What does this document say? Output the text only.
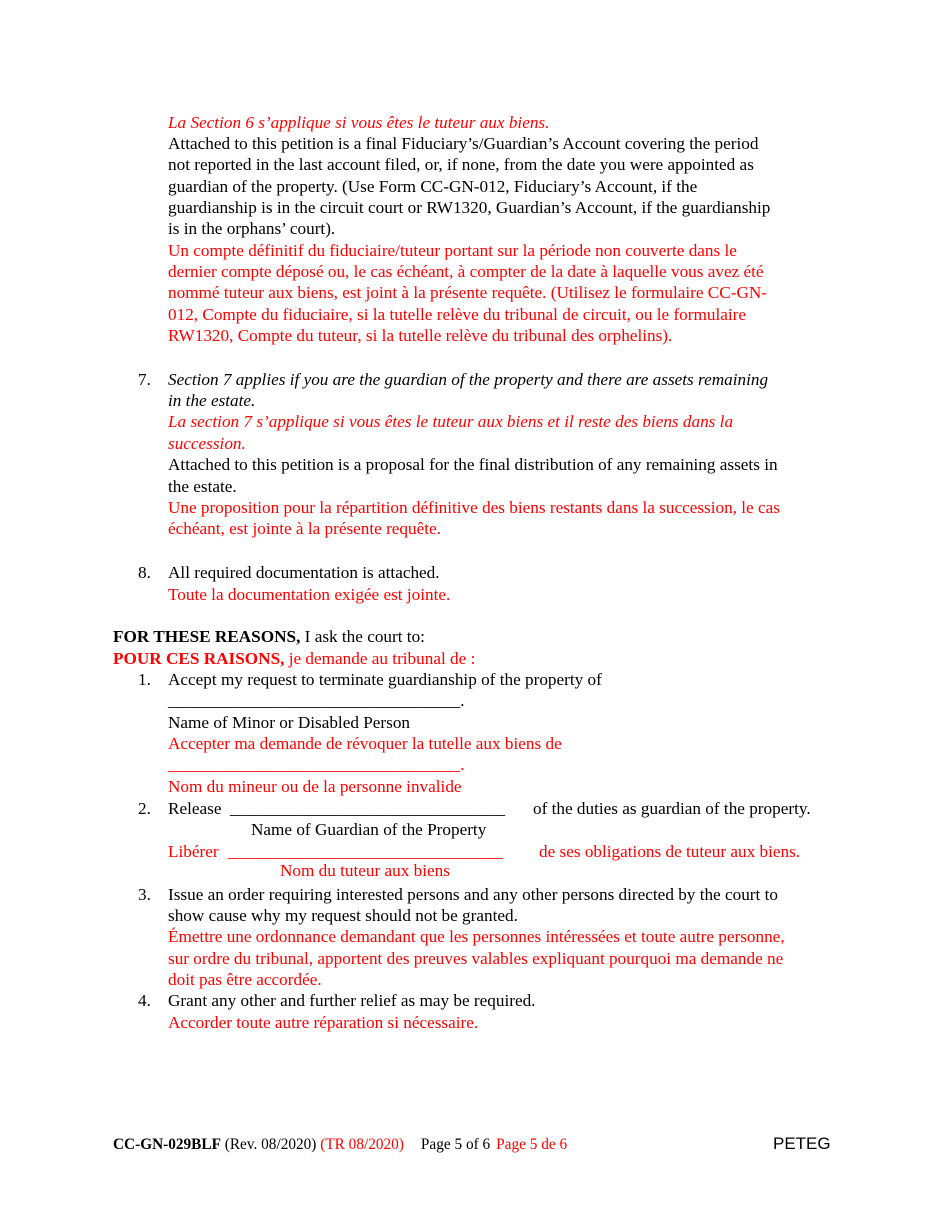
La Section 6 s’applique si vous êtes le tuteur aux biens.
Attached to this petition is a final Fiduciary’s/Guardian’s Account covering the period
not reported in the last account filed, or, if none, from the date you were appointed as
guardian of the property. (Use Form CC-GN-012, Fiduciary’s Account, if the
guardianship is in the circuit court or RW1320, Guardian’s Account, if the guardianship
is in the orphans’ court).
Un compte définitif du fiduciaire/tuteur portant sur la période non couverte dans le
dernier compte déposé ou, le cas échéant, à compter de la date à laquelle vous avez été
nommé tuteur aux biens, est joint à la présente requête. (Utilisez le formulaire CC-GN-
012, Compte du fiduciaire, si la tutelle relève du tribunal de circuit, ou le formulaire
RW1320, Compte du tuteur, si la tutelle relève du tribunal des orphelins).
7. Section 7 applies if you are the guardian of the property and there are assets remaining
in the estate.
La section 7 s’applique si vous êtes le tuteur aux biens et il reste des biens dans la
succession.
Attached to this petition is a proposal for the final distribution of any remaining assets in
the estate.
Une proposition pour la répartition définitive des biens restants dans la succession, le cas
échéant, est jointe à la présente requête.
8. All required documentation is attached.
Toute la documentation exigée est jointe.
FOR THESE REASONS, I ask the court to:
POUR CES RAISONS, je demande au tribunal de :
1. Accept my request to terminate guardianship of the property of
__________________________________.
Name of Minor or Disabled Person
Accepter ma demande de révoquer la tutelle aux biens de
__________________________________.
Nom du mineur ou de la personne invalide
2. Release ________________________________ of the duties as guardian of the property.
Name of Guardian of the Property
Libérer ________________________________ de ses obligations de tuteur aux biens.
Nom du tuteur aux biens
3. Issue an order requiring interested persons and any other persons directed by the court to
show cause why my request should not be granted.
Émettre une ordonnance demandant que les personnes intéressées et toute autre personne,
sur ordre du tribunal, apportent des preuves valables expliquant pourquoi ma demande ne
doit pas être accordée.
4. Grant any other and further relief as may be required.
Accorder toute autre réparation si nécessaire.
CC-GN-029BLF (Rev. 08/2020) (TR 08/2020) Page 5 of 6 Page 5 de 6	PETEG
